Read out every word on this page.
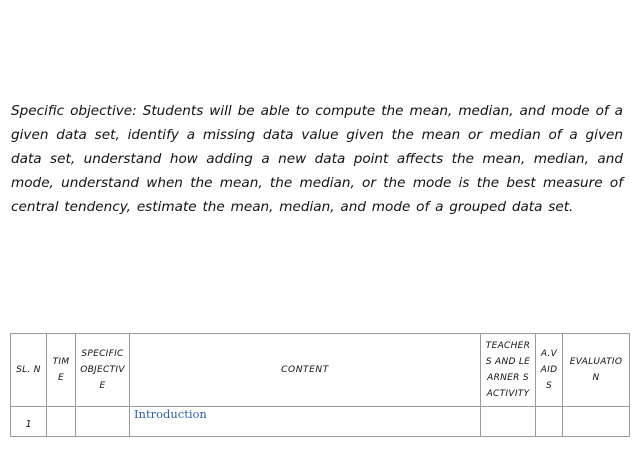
Specific objective: Students will be able to compute the mean, median, and mode of a given data set, identify a missing data value given the mean or median of a given data set, understand how adding a new data point affects the mean, median, and mode, understand when the mean, the median, or the mode is the best measure of central tendency, estimate the mean, median, and mode of a grouped data set.

SL. N	TIM E	SPECIFIC OBJECTIV E	CONTENT	TEACHERS AND LEARNER S ACTIVITY	A.V AID S	EVALUATIO N
1			Introduction			
